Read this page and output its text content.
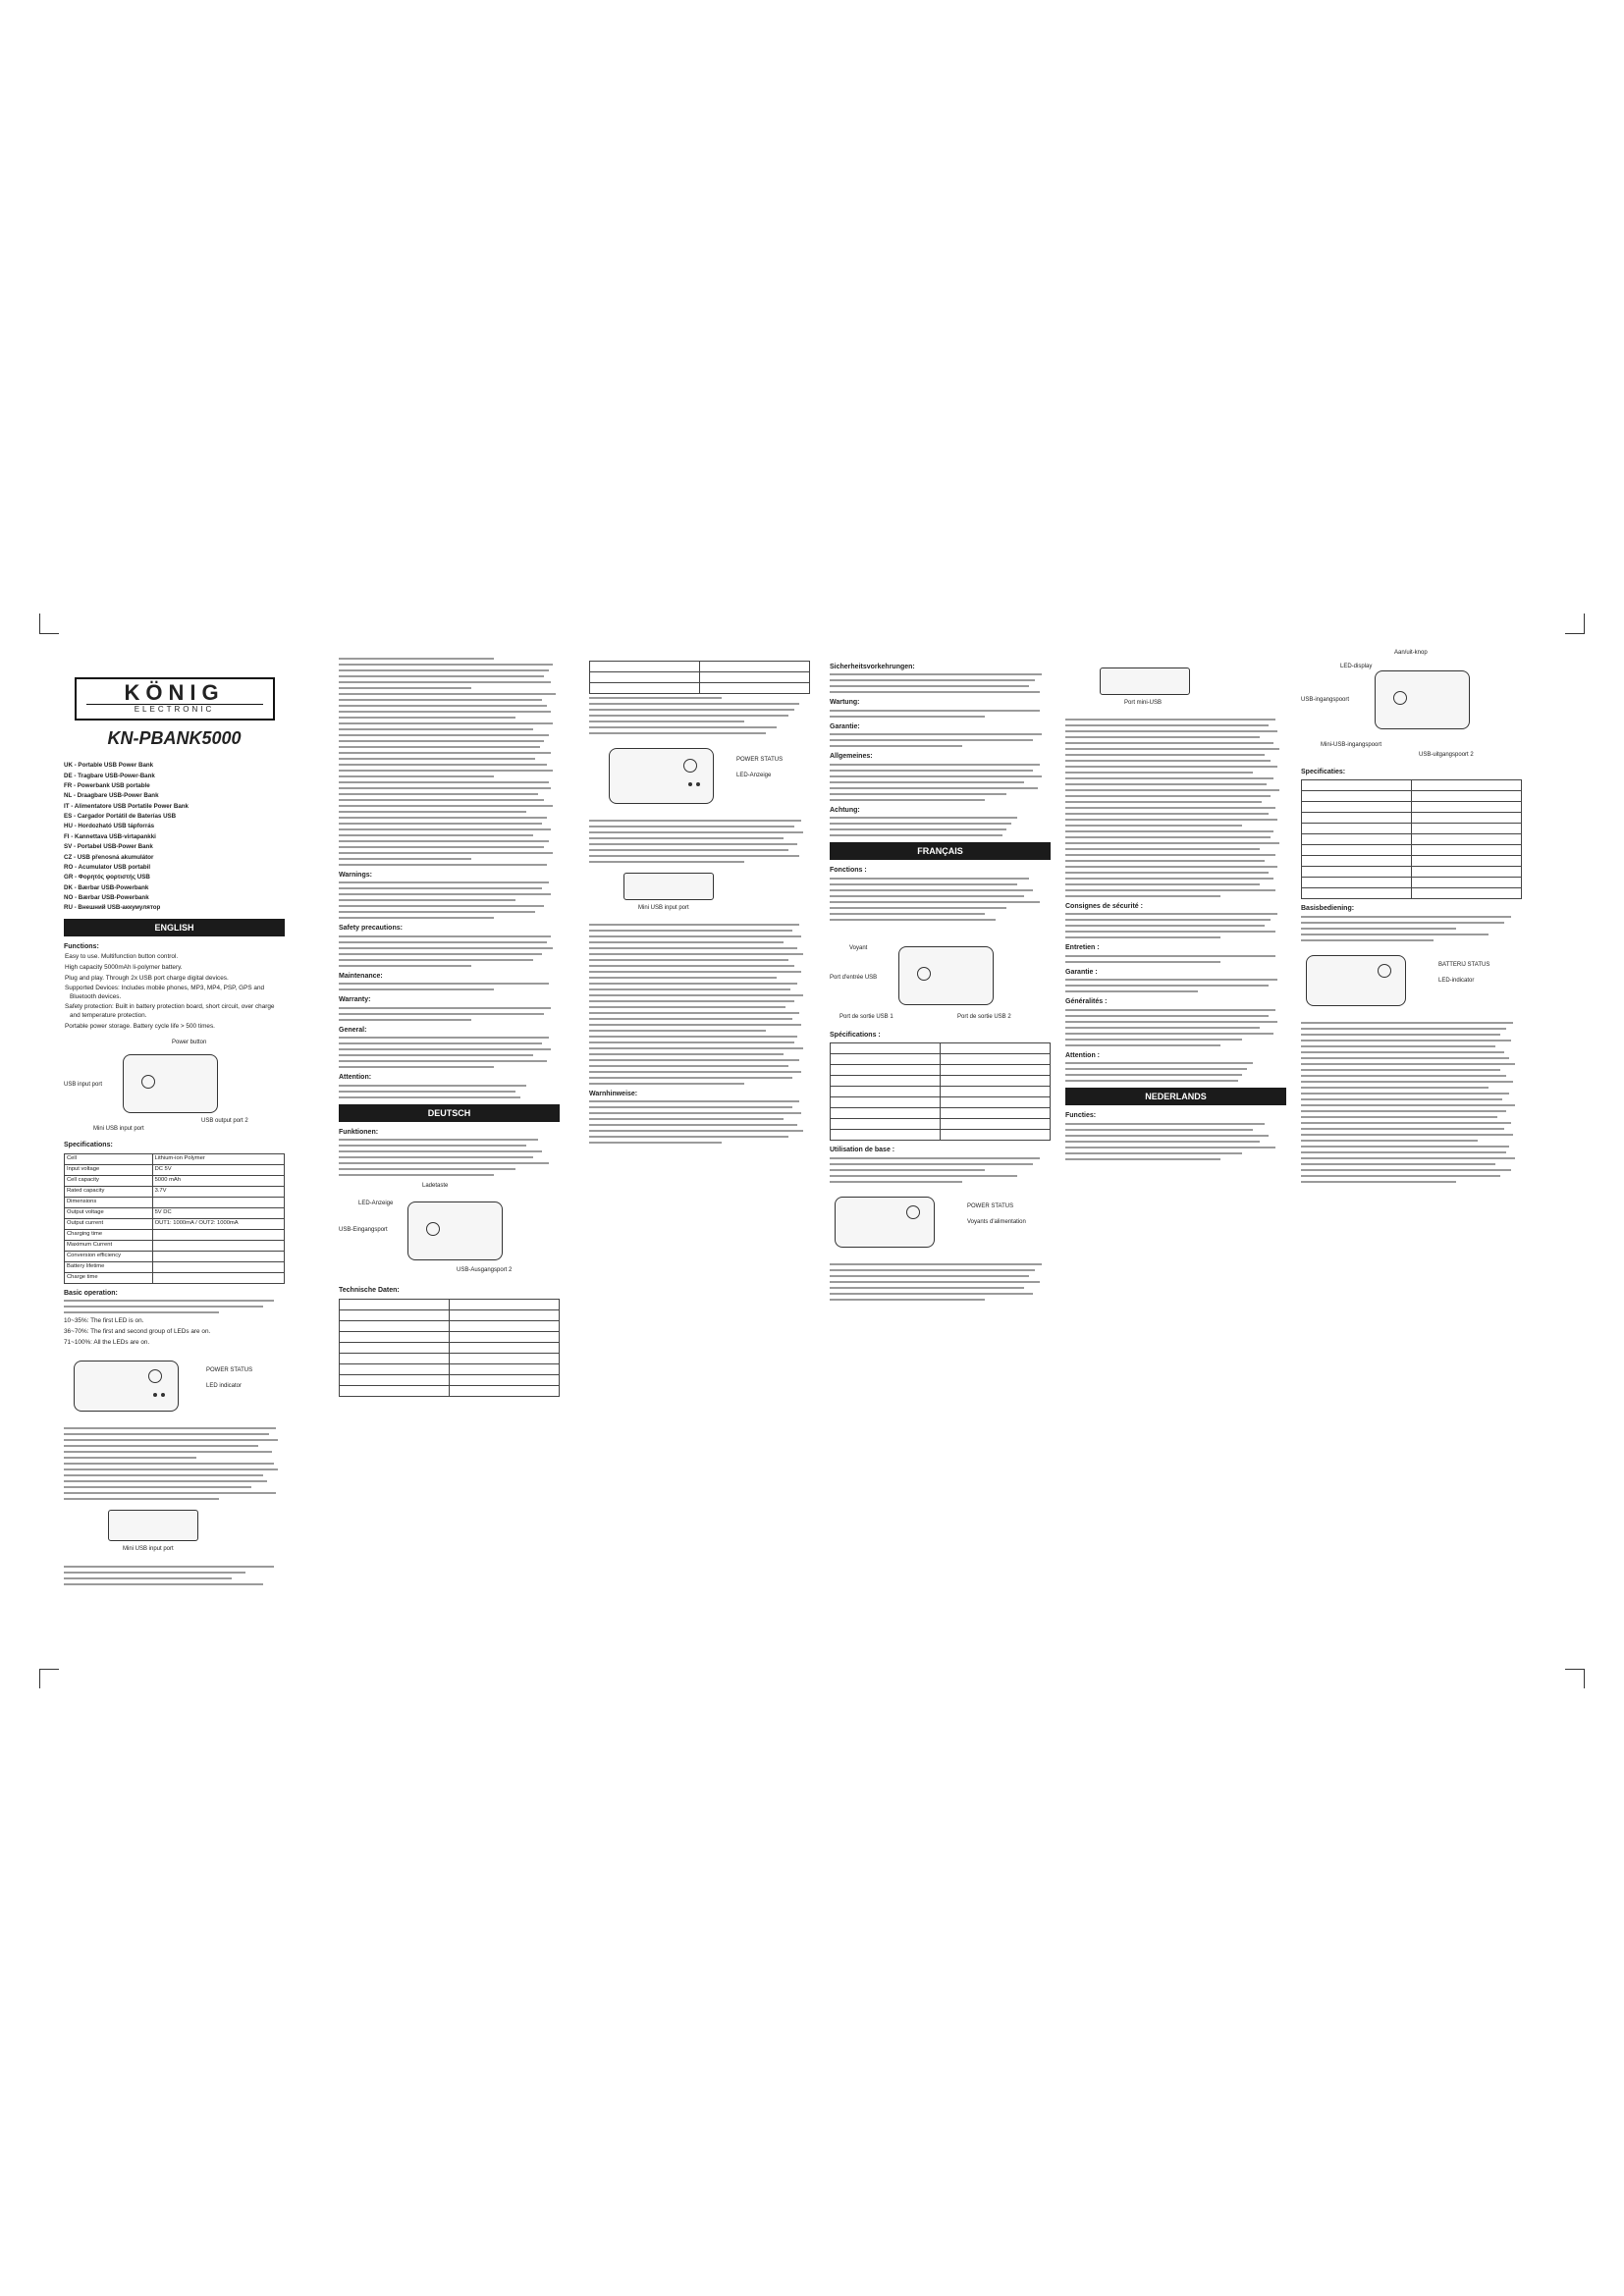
KÖNIG
ELECTRONIC
KN-PBANK5000

UK - Portable USB Power Bank

DE - Tragbare USB-Power-Bank

FR - Powerbank USB portable

NL - Draagbare USB-Power Bank

IT - Alimentatore USB Portatile Power Bank

ES - Cargador Portátil de Baterías USB

HU - Hordozható USB tápforrás

FI - Kannettava USB-virtapankki

SV - Portabel USB-Power Bank

CZ - USB přenosná akumulátor

RO - Acumulator USB portabil

GR - Φορητός φορτιστής USB

DK - Bærbar USB-Powerbank

NO - Bærbar USB-Powerbank

RU - Внешний USB-аккумулятор

ENGLISH
Functions:

Easy to use. Multifunction button control.

High capacity 5000mAh li-polymer battery.

Plug and play. Through 2x USB port charge digital devices.

Supported Devices: Includes mobile phones, MP3, MP4, PSP, GPS and Bluetooth devices.

Safety protection: Built in battery protection board, short circuit, over charge and temperature protection.

Portable power storage. Battery cycle life > 500 times.

Power button
USB input port
USB output port 2
Mini USB input port
Specifications:
Cell	Lithium-ion Polymer
Input voltage	DC 5V
Cell capacity	5000 mAh
Rated capacity	3.7V
Dimensions	
Output voltage	5V DC
Output current	OUT1: 1000mA / OUT2: 1000mA
Charging time	
Maximum Current	
Conversion efficiency	
Battery lifetime	
Charge time	
Basic operation:

10~35%: The first LED is on.

36~70%: The first and second group of LEDs are on.

71~100%: All the LEDs are on.

POWER STATUS
LED indicator
Mini USB input port
Warnings:
Safety precautions:
Maintenance:
Warranty:
General:
Attention:
DEUTSCH
Funktionen:
Ladetaste
LED-Anzeige
USB-Eingangsport
USB-Ausgangsport 2
Technische Daten:

POWER STATUS
LED-Anzeige
Mini USB input port
Warnhinweise:
Sicherheitsvorkehrungen:
Wartung:
Garantie:
Allgemeines:
Achtung:
FRANÇAIS
Fonctions :
Voyant
Port d'entrée USB
Port de sortie USB 1	Port de sortie USB 2
Spécifications :

Utilisation de base :
POWER STATUS
Voyants d'alimentation
Port mini-USB
Consignes de sécurité :
Entretien :
Garantie :
Généralités :
Attention :
NEDERLANDS
Functies:
Aan/uit-knop
LED-display
USB-ingangspoort
Mini-USB-ingangspoort
USB-uitgangspoort 2
Specificaties:

Basisbediening:
BATTERIJ STATUS
LED-indicator
